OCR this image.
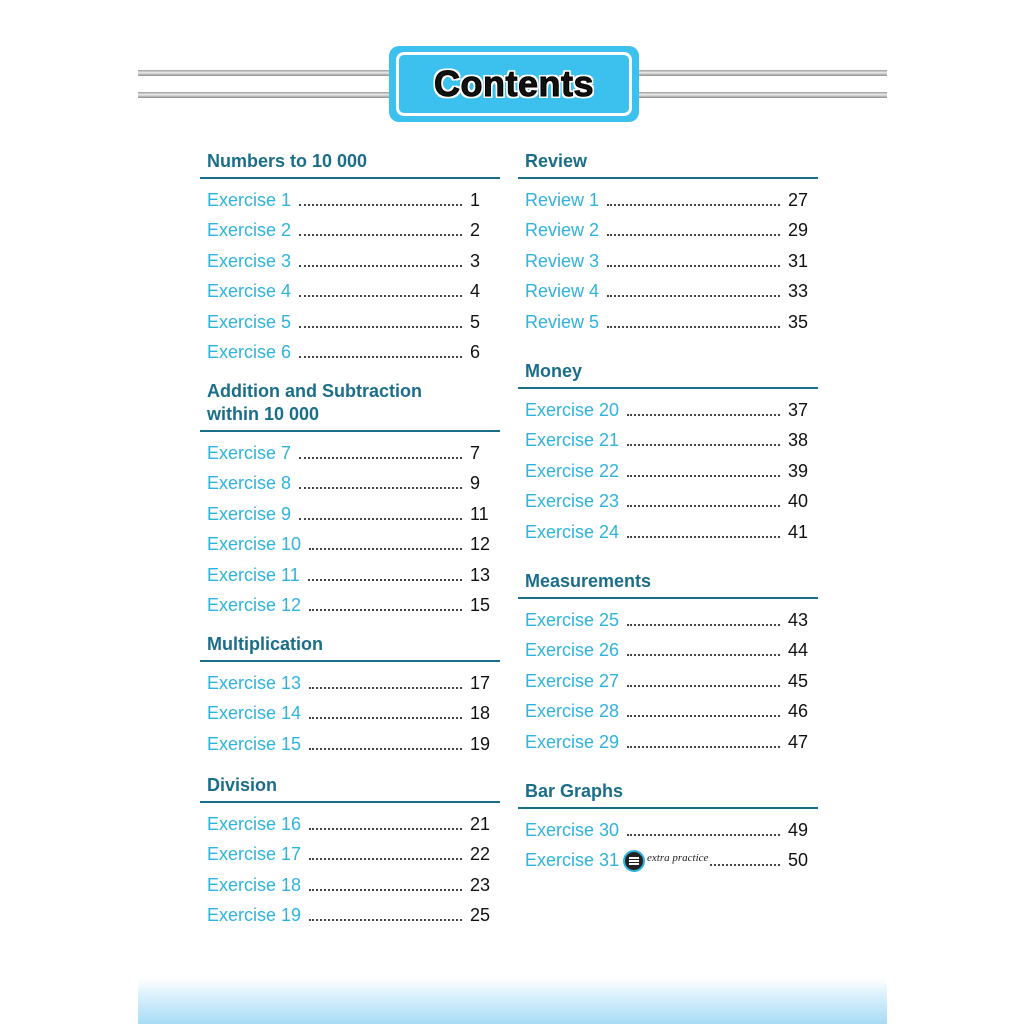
Contents
Numbers to 10 000
Exercise 1	1
Exercise 2	2
Exercise 3	3
Exercise 4	4
Exercise 5	5
Exercise 6	6
Addition and Subtraction
within 10 000
Exercise 7	7
Exercise 8	9
Exercise 9	11
Exercise 10	12
Exercise 11	13
Exercise 12	15
Multiplication
Exercise 13	17
Exercise 14	18
Exercise 15	19
Division
Exercise 16	21
Exercise 17	22
Exercise 18	23
Exercise 19	25
Review
Review 1	27
Review 2	29
Review 3	31
Review 4	33
Review 5	35
Money
Exercise 20	37
Exercise 21	38
Exercise 22	39
Exercise 23	40
Exercise 24	41
Measurements
Exercise 25	43
Exercise 26	44
Exercise 27	45
Exercise 28	46
Exercise 29	47
Bar Graphs
Exercise 30	49
Exercise 31	extra practice	50
